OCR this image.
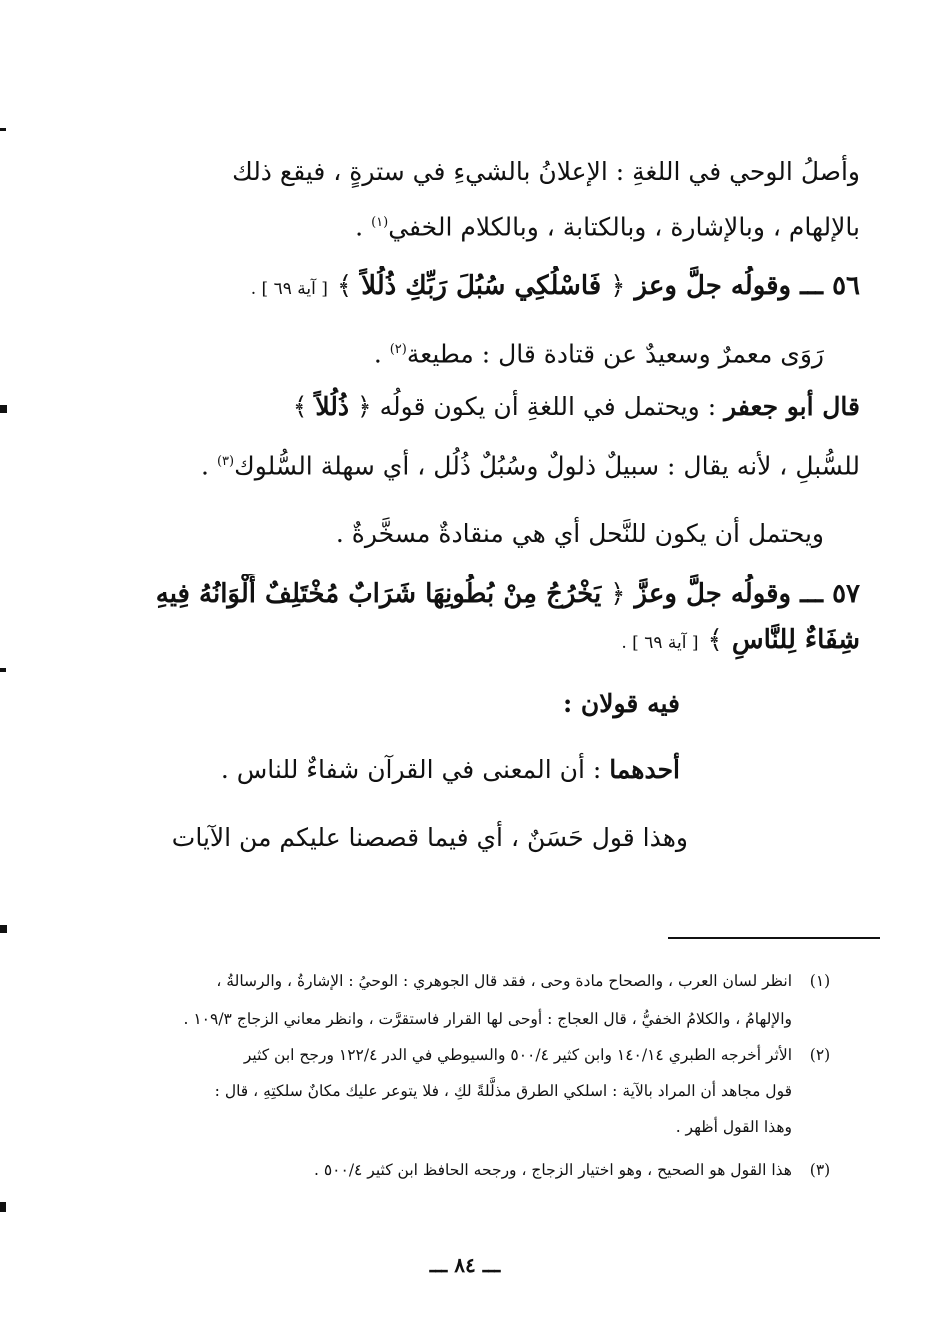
وأصلُ الوحي في اللغةِ : الإعلانُ بالشيءِ في سترةٍ ، فيقع ذلك
بالإلهام ، وبالإشارة ، وبالكتابة ، وبالكلام الخفي$^{(١)}$ .
٥٦ ـــ وقولُه جلَّ وعز ﴿ فَاسْلُكِي سُبُلَ رَبِّكِ ذُلُلاً ﴾ [ آية ٦٩ ] .
رَوَى معمرٌ وسعيدٌ عن قتادة قال : مطيعة$^{(٢)}$ .
قال أبو جعفر : ويحتمل في اللغةِ أن يكون قولُه ﴿ ذُلُلاً ﴾
للسُّبلِ ، لأنه يقال : سبيلٌ ذلولٌ وسُبُلٌ ذُلُل ، أي سهلة السُّلوك$^{(٣)}$ .
ويحتمل أن يكون للنَّحل أي هي منقادةٌ مسخَّرةٌ .
٥٧ ـــ وقولُه جلَّ وعزَّ ﴿ يَخْرُجُ مِنْ بُطُونِهَا شَرَابٌ مُخْتَلِفٌ أَلْوَانُهُ فِيهِ
شِفَاءٌ لِلنَّاسِ ﴾ [ آية ٦٩ ] .
فيه قولان :
أحدهما : أن المعنى في القرآن شفاءٌ للناس .
وهذا قول حَسَنٌ ، أي فيما قصصنا عليكم من الآيات
(١)
انظر لسان العرب ، والصحاح مادة وحى ، فقد قال الجوهري : الوحيُ : الإشارةُ ، والرسالةُ ،
والإلهامُ ، والكلامُ الخفيُّ ، قال العجاج : أوحى لها القرار فاستقرَّت ، وانظر معاني الزجاج ١٠٩/٣ .
(٢)
الأثر أخرجه الطبري ١٤٠/١٤ وابن كثير ٥٠٠/٤ والسيوطي في الدر ١٢٢/٤ ورجح ابن كثير
قول مجاهد أن المراد بالآية : اسلكي الطرق مذلَّلةً لكِ ، فلا يتوعر عليك مكانٌ سلكتِهِ ، قال :
وهذا القول أظهر .
(٣)
هذا القول هو الصحيح ، وهو اختيار الزجاج ، ورجحه الحافظ ابن كثير ٥٠٠/٤ .
ـــ ٨٤ ـــ
